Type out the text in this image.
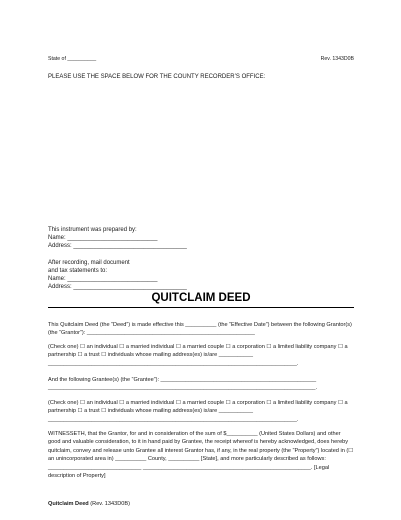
State of __________	Rev. 1343D0B
PLEASE USE THE SPACE BELOW FOR THE COUNTY RECORDER’S OFFICE:
This instrument was prepared by:
Name: ___________________________
Address: __________________________________
After recording, mail document
and tax statements to:
Name: ___________________________
Address: __________________________________
QUITCLAIM DEED
This Quitclaim Deed (the “Deed”) is made effective this __________ (the “Effective Date”) between the following Grantor(s) (the “Grantor”): ______________________________________________________
(Check one) ☐ an individual ☐ a married individual ☐ a married couple ☐ a corporation ☐ a limited liability company ☐ a partnership ☐ a trust ☐ individuals whose mailing address(es) is/are ___________ ________________________________________________________________________________.
And the following Grantee(s) (the “Grantee”): __________________________________________________ ______________________________________________________________________________________.
(Check one) ☐ an individual ☐ a married individual ☐ a married couple ☐ a corporation ☐ a limited liability company ☐ a partnership ☐ a trust ☐ individuals whose mailing address(es) is/are ___________ ________________________________________________________________________________.
WITNESSETH, that the Grantor, for and in consideration of the sum of $__________ (United States Dollars) and other good and valuable consideration, to it in hand paid by Grantee, the receipt whereof is hereby acknowledged, does hereby quitclaim, convey and release unto Grantee all interest Grantor has, if any, in the real property (the “Property”) located in (☐ an unincorporated area in) __________ County, __________ [State], and more particularly described as follows: ______________________________ ______________________________________________________. [Legal description of Property]
Quitclaim Deed (Rev. 1343D0B)
